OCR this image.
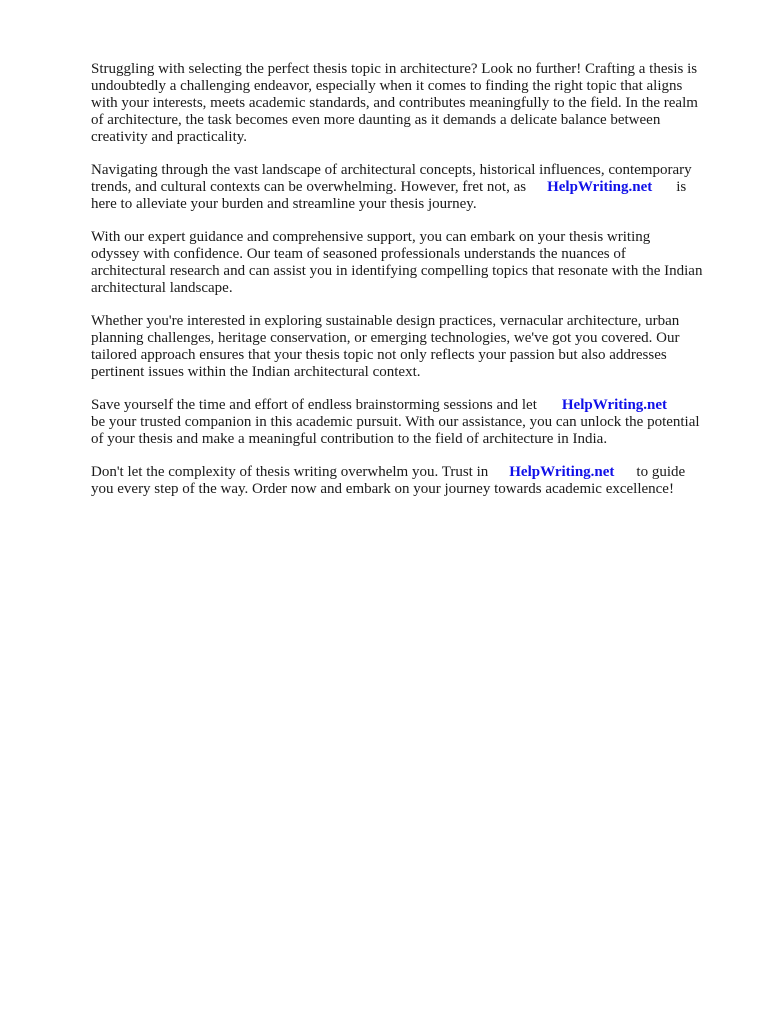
Struggling with selecting the perfect thesis topic in architecture? Look no further! Crafting a thesis is
undoubtedly a challenging endeavor, especially when it comes to finding the right topic that aligns
with your interests, meets academic standards, and contributes meaningfully to the field. In the realm
of architecture, the task becomes even more daunting as it demands a delicate balance between
creativity and practicality.
Navigating through the vast landscape of architectural concepts, historical influences, contemporary
trends, and cultural contexts can be overwhelming. However, fret not, as HelpWriting.net is
here to alleviate your burden and streamline your thesis journey.
With our expert guidance and comprehensive support, you can embark on your thesis writing
odyssey with confidence. Our team of seasoned professionals understands the nuances of
architectural research and can assist you in identifying compelling topics that resonate with the Indian
architectural landscape.
Whether you're interested in exploring sustainable design practices, vernacular architecture, urban
planning challenges, heritage conservation, or emerging technologies, we've got you covered. Our
tailored approach ensures that your thesis topic not only reflects your passion but also addresses
pertinent issues within the Indian architectural context.
Save yourself the time and effort of endless brainstorming sessions and let HelpWriting.net
be your trusted companion in this academic pursuit. With our assistance, you can unlock the potential
of your thesis and make a meaningful contribution to the field of architecture in India.
Don't let the complexity of thesis writing overwhelm you. Trust in HelpWriting.net to guide
you every step of the way. Order now and embark on your journey towards academic excellence!
